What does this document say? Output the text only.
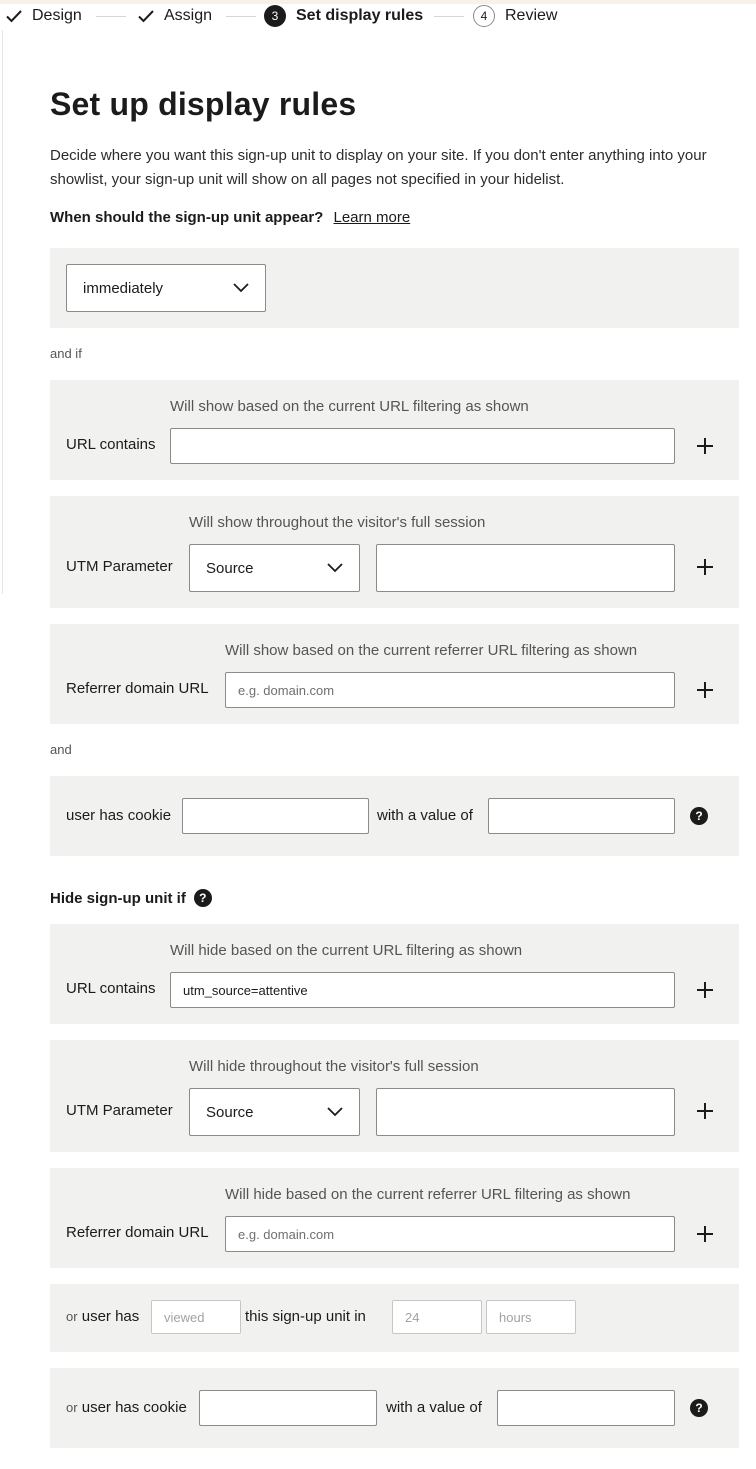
Design	Assign	3	Set display rules	4	Review
Set up display rules
Decide where you want this sign-up unit to display on your site. If you don't enter anything into your showlist, your sign-up unit will show on all pages not specified in your hidelist.
When should the sign-up unit appear? Learn more
immediately
and if
Will show based on the current URL filtering as shown
URL contains
Will show throughout the visitor's full session
UTM Parameter Source
Will show based on the current referrer URL filtering as shown
Referrer domain URL e.g. domain.com
and
user has cookie	with a value of	?
Hide sign-up unit if	?
Will hide based on the current URL filtering as shown
URL contains	utm_source=attentive
Will hide throughout the visitor's full session
UTM Parameter Source
Will hide based on the current referrer URL filtering as shown
Referrer domain URL e.g. domain.com
or user has viewed	this sign-up unit in	24	hours
or user has cookie	with a value of	?
